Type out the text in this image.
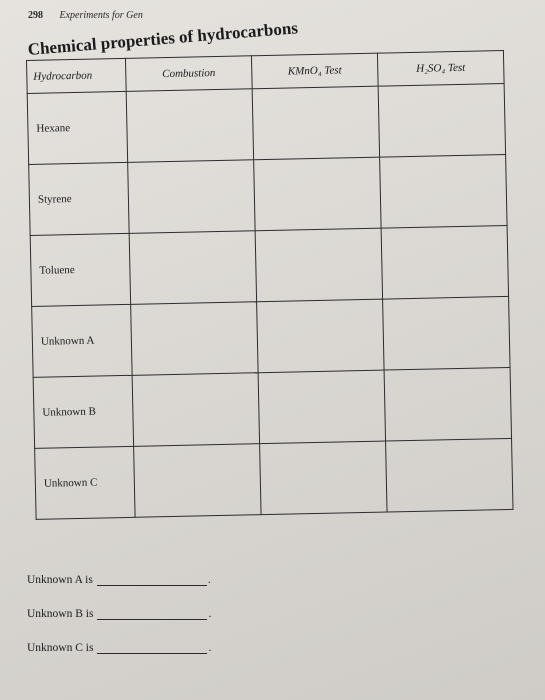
298 Experiments for Gen
Chemical properties of hydrocarbons
Hydrocarbon	Combustion	KMnO₄ Test	H₂SO₄ Test
Hexane			
Styrene			
Toluene			
Unknown A			
Unknown B			
Unknown C			
Unknown A is	.
Unknown B is	.
Unknown C is	.
